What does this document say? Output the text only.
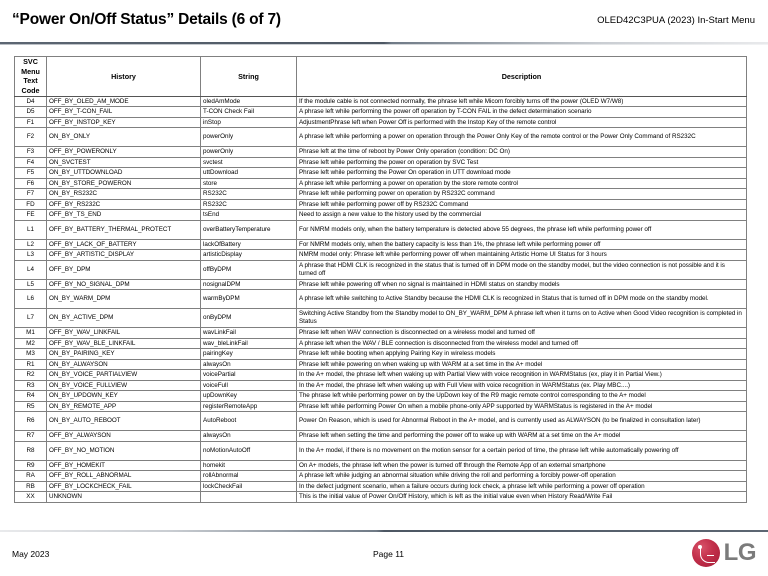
“Power On/Off Status” Details (6 of 7)	OLED42C3PUA (2023) In-Start Menu
SVC Menu
Text Code	History	String	Description
D4	OFF_BY_OLED_AM_MODE	oledAmMode	If the module cable is not connected normally, the phrase left while Micom forcibly turns off the power (OLED W7/W8)
D5	OFF_BY_T-CON_FAIL	T-CON Check Fail	A phrase left while performing the power off operation by T-CON FAIL in the defect determination scenario
F1	OFF_BY_INSTOP_KEY	inStop	AdjustmentPhrase left when Power Off is performed with the Instop Key of the remote control
F2	ON_BY_ONLY	powerOnly	A phrase left while performing a power on operation through the Power Only Key of the remote control or the Power Only Command of RS232C
F3	OFF_BY_POWERONLY	powerOnly	Phrase left at the time of reboot by Power Only operation (condition: DC On)
F4	ON_SVCTEST	svctest	Phrase left while performing the power on operation by SVC Test
F5	ON_BY_UTTDOWNLOAD	uttDownload	Phrase left while performing the Power On operation in UTT download mode
F6	ON_BY_STORE_POWERON	store	A phrase left while performing a power on operation by the store remote control
F7	ON_BY_RS232C	RS232C	Phrase left while performing power on operation by RS232C command
FD	OFF_BY_RS232C	RS232C	Phrase left while performing power off by RS232C Command
FE	OFF_BY_TS_END	tsEnd	Need to assign a new value to the history used by the commercial
L1	OFF_BY_BATTERY_THERMAL_PROTECT	overBatteryTemperature	For NMRM models only, when the battery temperature is detected above 55 degrees, the phrase left while performing power off
L2	OFF_BY_LACK_OF_BATTERY	lackOfBattery	For NMRM models only, when the battery capacity is less than 1%, the phrase left while performing power off
L3	OFF_BY_ARTISTIC_DISPLAY	artisticDisplay	NMRM model only: Phrase left while performing power off when maintaining Artistic Home UI Status for 3 hours
L4	OFF_BY_DPM	offByDPM	A phrase that HDMI CLK is recognized in the status that is turned off in DPM mode on the standby model, but the video connection is not possible and it is turned off
L5	OFF_BY_NO_SIGNAL_DPM	nosignalDPM	Phrase left while powering off when no signal is maintained in HDMI status on standby models
L6	ON_BY_WARM_DPM	warmByDPM	A phrase left while switching to Active Standby because the HDMI CLK is recognized in Status that is turned off in DPM mode on the standby model.
L7	ON_BY_ACTIVE_DPM	onByDPM	Switching Active Standby from the Standby model to ON_BY_WARM_DPM A phrase left when it turns on to Active when Good Video recognition is completed in Status
M1	OFF_BY_WAV_LINKFAIL	wavLinkFail	Phrase left when WAV connection is disconnected on a wireless model and turned off
M2	OFF_BY_WAV_BLE_LINKFAIL	wav_bleLinkFail	A phrase left when the WAV / BLE connection is disconnected from the wireless model and turned off
M3	ON_BY_PAIRING_KEY	pairingKey	Phrase left while booting when applying Pairing Key in wireless models
R1	ON_BY_ALWAYSON	alwaysOn	Phrase left while powering on when waking up with WARM at a set time in the A+ model
R2	ON_BY_VOICE_PARTIALVIEW	voicePartial	In the A+ model, the phrase left when waking up with Partial View with voice recognition in WARMStatus (ex, play it in Partial View.)
R3	ON_BY_VOICE_FULLVIEW	voiceFull	In the A+ model, the phrase left when waking up with Full View with voice recognition in WARMStatus (ex. Play MBC....)
R4	ON_BY_UPDOWN_KEY	upDownKey	The phrase left while performing power on by the UpDown key of the R9 magic remote control corresponding to the A+ model
R5	ON_BY_REMOTE_APP	registerRemoteApp	Phrase left while performing Power On when a mobile phone-only APP supported by WARMStatus is registered in the A+ model
R6	ON_BY_AUTO_REBOOT	AutoReboot	Power On Reason, which is used for Abnormal Reboot in the A+ model, and is currently used as ALWAYSON (to be finalized in consultation later)
R7	OFF_BY_ALWAYSON	alwaysOn	Phrase left when setting the time and performing the power off to wake up with WARM at a set time on the A+ model
R8	OFF_BY_NO_MOTION	noMotionAutoOff	In the A+ model, if there is no movement on the motion sensor for a certain period of time, the phrase left while automatically powering off
R9	OFF_BY_HOMEKIT	homekit	On A+ models, the phrase left when the power is turned off through the Remote App of an external smartphone
RA	OFF_BY_ROLL_ABNORMAL	rollAbnormal	A phrase left while judging an abnormal situation while driving the roll and performing a forcibly power-off operation
RB	OFF_BY_LOCKCHECK_FAIL	lockCheckFail	In the defect judgment scenario, when a failure occurs during lock check, a phrase left while performing a power off operation
XX	UNKNOWN		This is the initial value of Power On/Off History, which is left as the initial value even when History Read/Write Fail
May 2023	Page 11	LG
